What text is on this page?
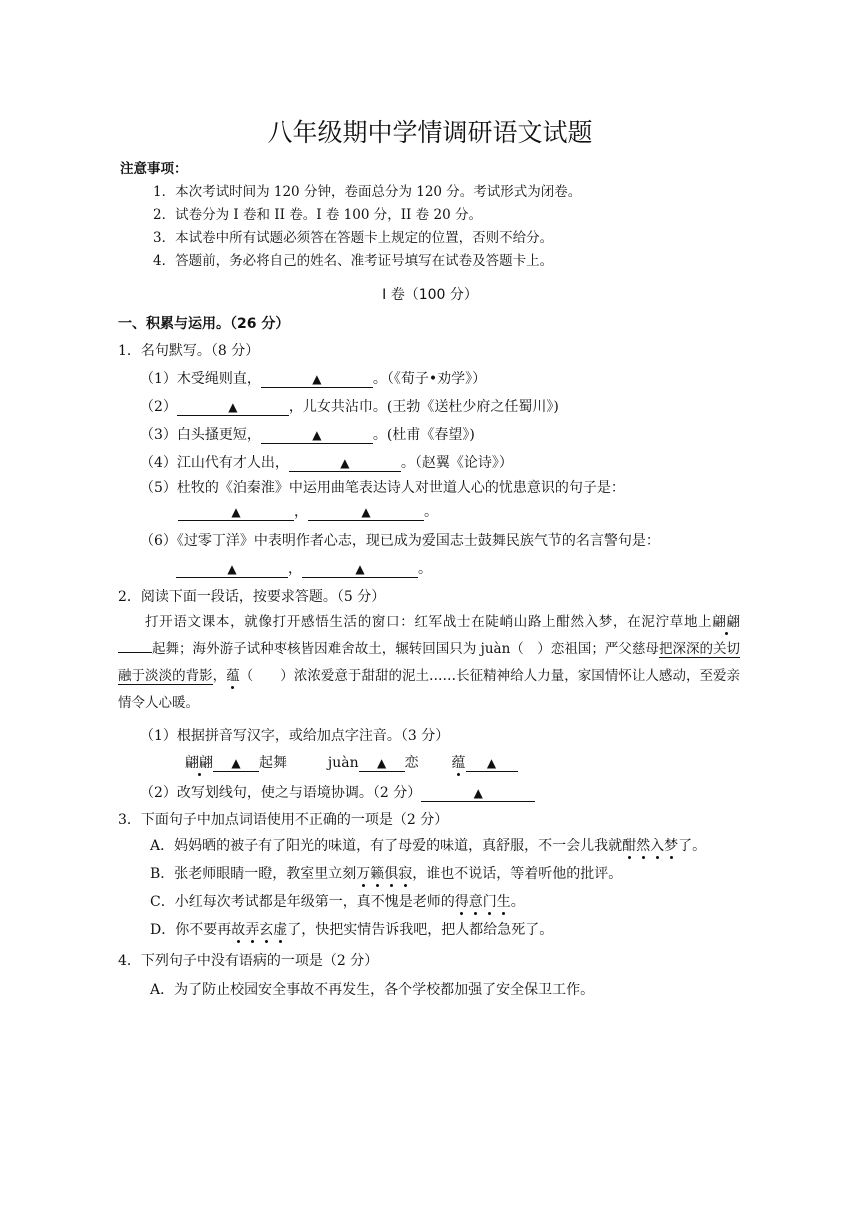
八年级期中学情调研语文试题
注意事项：
1．本次考试时间为 120 分钟，卷面总分为 120 分。考试形式为闭卷。
2．试卷分为 I 卷和 II 卷。I 卷 100 分，II 卷 20 分。
3．本试卷中所有试题必须答在答题卡上规定的位置，否则不给分。
4．答题前，务必将自己的姓名、准考证号填写在试卷及答题卡上。
I 卷（100 分）
一、积累与运用。（26 分）
1．名句默写。（8 分）
（1）木受绳则直，	▲	。（《荀子•劝学》）
（2）	▲	，儿女共沾巾。(王勃《送杜少府之任蜀川》)
（3）白头搔更短，	▲	。(杜甫《春望》)
（4）江山代有才人出，	▲	。（赵翼《论诗》）
（5）杜牧的《泊秦淮》中运用曲笔表达诗人对世道人心的忧患意识的句子是：
▲	，	▲	。
（6）《过零丁洋》中表明作者心志，现已成为爱国志士鼓舞民族气节的名言警句是：
▲	，	▲	。
2．阅读下面一段话，按要求答题。（5 分）
打开语文课本，就像打开感悟生活的窗口：红军战士在陡峭山路上酣然入梦，在泥泞草地上翩翩起舞；海外游子试种枣核皆因难舍故土，辗转回国只为 juàn（　）恋祖国；严父慈母把深深的关切融于淡淡的背影，蕴（　　）浓浓爱意于甜甜的泥土……长征精神给人力量，家国情怀让人感动，至爱亲情令人心暖。
（1）根据拼音写汉字，或给加点字注音。（3 分）
翩翩 ▲ 起舞	juàn ▲ 恋 蕴 ▲
（2）改写划线句，使之与语境协调。（2 分）	▲
3．下面句子中加点词语使用不正确的一项是（2 分）
A．妈妈晒的被子有了阳光的味道，有了母爱的味道，真舒服，不一会儿我就酣然入梦了。
B．张老师眼睛一瞪，教室里立刻万籁俱寂，谁也不说话，等着听他的批评。
C．小红每次考试都是年级第一，真不愧是老师的得意门生。
D．你不要再故弄玄虚了，快把实情告诉我吧，把人都给急死了。
4．下列句子中没有语病的一项是（2 分）
A．为了防止校园安全事故不再发生，各个学校都加强了安全保卫工作。
